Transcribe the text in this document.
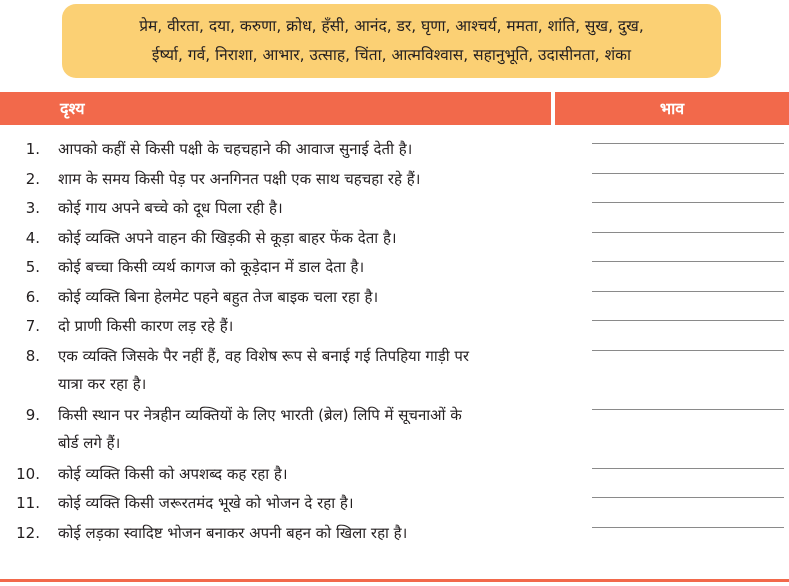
प्रेम, वीरता, दया, करुणा, क्रोध, हँसी, आनंद, डर, घृणा, आश्चर्य, ममता, शांति, सुख, दुख,
ईर्ष्या, गर्व, निराशा, आभार, उत्साह, चिंता, आत्मविश्वास, सहानुभूति, उदासीनता, शंका
दृश्य	भाव
1. आपको कहीं से किसी पक्षी के चहचहाने की आवाज सुनाई देती है।
2. शाम के समय किसी पेड़ पर अनगिनत पक्षी एक साथ चहचहा रहे हैं।
3. कोई गाय अपने बच्चे को दूध पिला रही है।
4. कोई व्यक्ति अपने वाहन की खिड़की से कूड़ा बाहर फेंक देता है।
5. कोई बच्चा किसी व्यर्थ कागज को कूड़ेदान में डाल देता है।
6. कोई व्यक्ति बिना हेलमेट पहने बहुत तेज बाइक चला रहा है।
7. दो प्राणी किसी कारण लड़ रहे हैं।
8. एक व्यक्ति जिसके पैर नहीं हैं, वह विशेष रूप से बनाई गई तिपहिया गाड़ी पर
यात्रा कर रहा है।
9. किसी स्थान पर नेत्रहीन व्यक्तियों के लिए भारती (ब्रेल) लिपि में सूचनाओं के
बोर्ड लगे हैं।
10. कोई व्यक्ति किसी को अपशब्द कह रहा है।
11. कोई व्यक्ति किसी जरूरतमंद भूखे को भोजन दे रहा है।
12. कोई लड़का स्वादिष्ट भोजन बनाकर अपनी बहन को खिला रहा है।
